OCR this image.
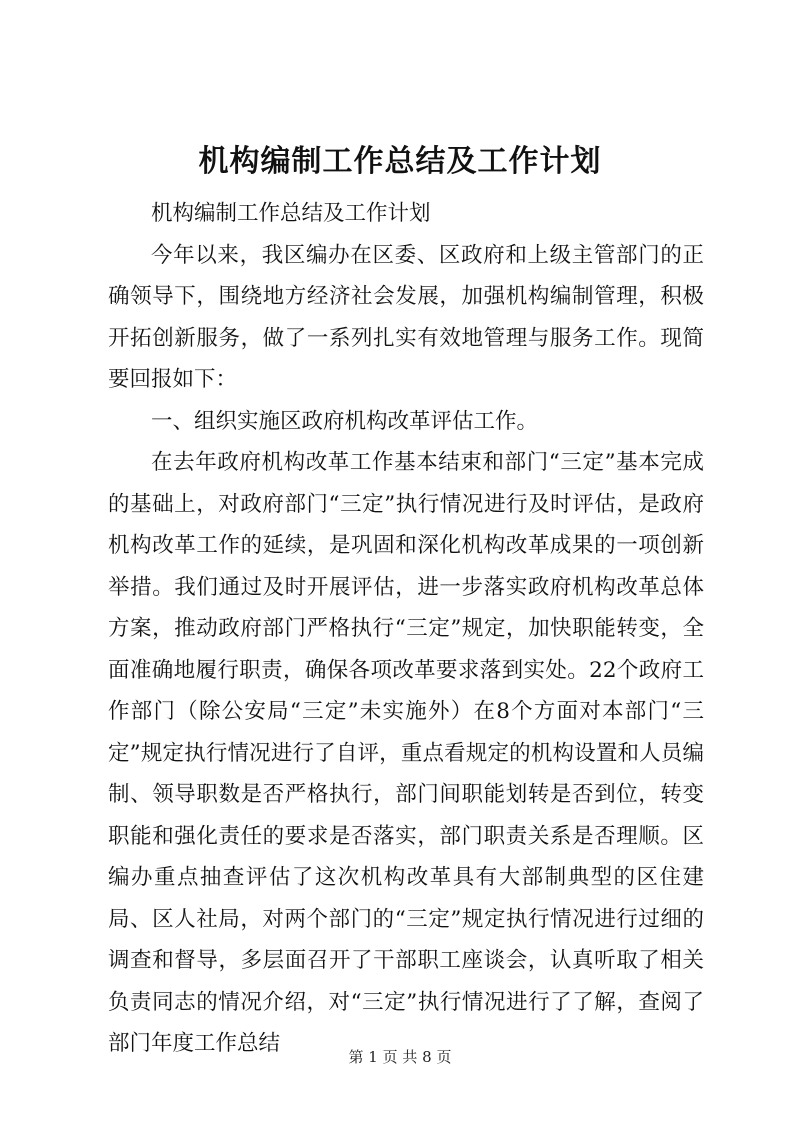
机构编制工作总结及工作计划

机构编制工作总结及工作计划

今年以来，我区编办在区委、区政府和上级主管部门的正确领导下，围绕地方经济社会发展，加强机构编制管理，积极开拓创新服务，做了一系列扎实有效地管理与服务工作。现简要回报如下：

一、组织实施区政府机构改革评估工作。

在去年政府机构改革工作基本结束和部门“三定”基本完成的基础上，对政府部门“三定”执行情况进行及时评估，是政府机构改革工作的延续，是巩固和深化机构改革成果的一项创新举措。我们通过及时开展评估，进一步落实政府机构改革总体方案，推动政府部门严格执行“三定”规定，加快职能转变，全面准确地履行职责，确保各项改革要求落到实处。22个政府工作部门（除公安局“三定”未实施外）在8个方面对本部门“三定”规定执行情况进行了自评，重点看规定的机构设置和人员编制、领导职数是否严格执行，部门间职能划转是否到位，转变职能和强化责任的要求是否落实，部门职责关系是否理顺。区编办重点抽查评估了这次机构改革具有大部制典型的区住建局、区人社局，对两个部门的“三定”规定执行情况进行过细的调查和督导，多层面召开了干部职工座谈会，认真听取了相关负责同志的情况介绍，对“三定”执行情况进行了了解，查阅了部门年度工作总结

第 1 页 共 8 页
